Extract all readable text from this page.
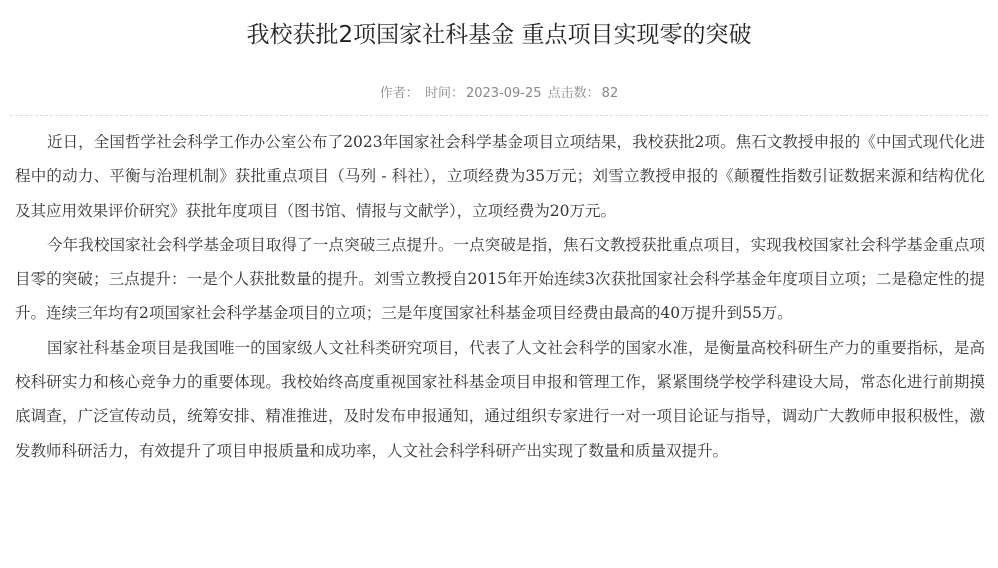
我校获批2项国家社科基金 重点项目实现零的突破
作者： 时间： 2023-09-25 点击数： 82

近日，全国哲学社会科学工作办公室公布了2023年国家社会科学基金项目立项结果，我校获批2项。焦石文教授申报的《中国式现代化进程中的动力、平衡与治理机制》获批重点项目（马列 - 科社），立项经费为35万元；刘雪立教授申报的《颠覆性指数引证数据来源和结构优化及其应用效果评价研究》获批年度项目（图书馆、情报与文献学），立项经费为20万元。

今年我校国家社会科学基金项目取得了一点突破三点提升。一点突破是指，焦石文教授获批重点项目，实现我校国家社会科学基金重点项目零的突破；三点提升：一是个人获批数量的提升。刘雪立教授自2015年开始连续3次获批国家社会科学基金年度项目立项；二是稳定性的提升。连续三年均有2项国家社会科学基金项目的立项；三是年度国家社科基金项目经费由最高的40万提升到55万。

国家社科基金项目是我国唯一的国家级人文社科类研究项目，代表了人文社会科学的国家水准，是衡量高校科研生产力的重要指标，是高校科研实力和核心竞争力的重要体现。我校始终高度重视国家社科基金项目申报和管理工作，紧紧围绕学校学科建设大局，常态化进行前期摸底调查，广泛宣传动员，统筹安排、精准推进，及时发布申报通知，通过组织专家进行一对一项目论证与指导，调动广大教师申报积极性，激发教师科研活力，有效提升了项目申报质量和成功率，人文社会科学科研产出实现了数量和质量双提升。
